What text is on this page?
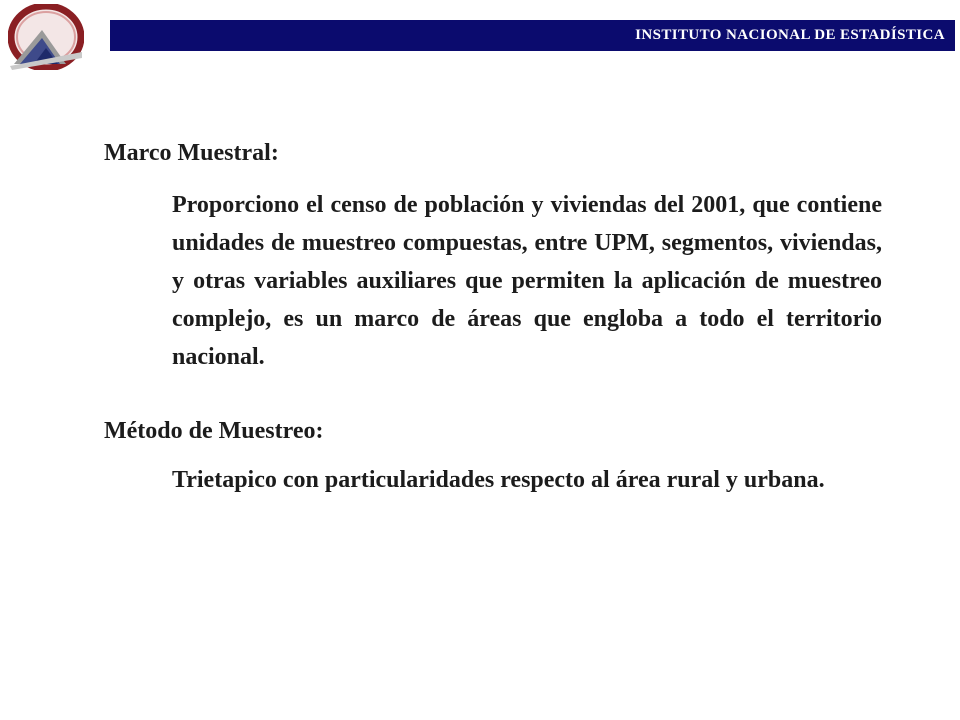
INSTITUTO NACIONAL DE ESTADÍSTICA

Marco Muestral:

Proporciono el censo de población y viviendas del 2001, que contiene unidades de muestreo compuestas, entre UPM, segmentos, viviendas, y otras variables auxiliares que permiten la aplicación de muestreo complejo, es un marco de áreas que engloba a todo el territorio nacional.

Método de Muestreo:

Trietapico con particularidades respecto al área rural y urbana.
